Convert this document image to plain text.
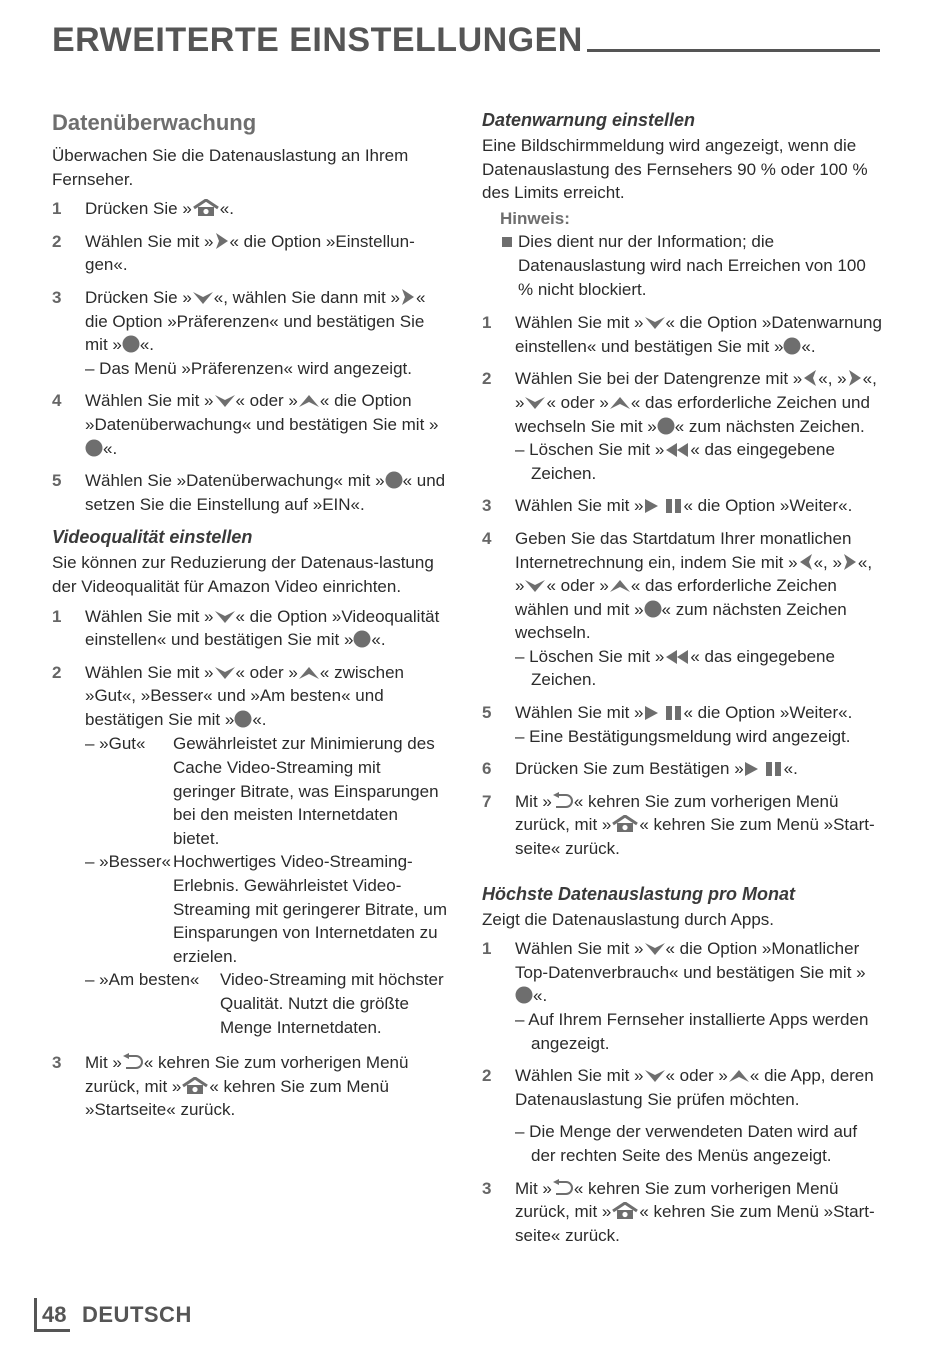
ERWEITERTE EINSTELLUNGEN
Datenüberwachung

Überwachen Sie die Datenauslastung an Ihrem Fernseher.

1 Drücken Sie » «.
2 Wählen Sie mit » « die Option »Einstellun-gen«.
3 Drücken Sie » «, wählen Sie dann mit » « die Option »Präferenzen« und bestätigen Sie mit » «.
– Das Menü »Präferenzen« wird angezeigt.
4 Wählen Sie mit » « oder » « die Option »Datenüberwachung« und bestätigen Sie mit »
«.
5 Wählen Sie »Datenüberwachung« mit » « und setzen Sie die Einstellung auf »EIN«.
Videoqualität einstellen

Sie können zur Reduzierung der Datenaus-lastung der Videoqualität für Amazon Video einrichten.

1 Wählen Sie mit » « die Option »Videoqualität einstellen« und bestätigen Sie mit » «.
2 Wählen Sie mit » « oder » « zwischen »Gut«, »Besser« und »Am besten« und bestätigen Sie mit » «.
– »Gut«	Gewährleistet zur Minimierung des Cache Video-Streaming mit geringer Bitrate, was Einsparungen bei den meisten Internetdaten bietet.
– »Besser« Hochwertiges Video-Streaming-Erlebnis. Gewährleistet Video-Streaming mit geringerer Bitrate, um Einsparungen von Internetdaten zu erzielen.
– »Am besten«	Video-Streaming mit höchster Qualität. Nutzt die größte Menge Internetdaten.
3 Mit » « kehren Sie zum vorherigen Menü zurück, mit » « kehren Sie zum Menü »Startseite« zurück.
Datenwarnung einstellen

Eine Bildschirmmeldung wird angezeigt, wenn die Datenauslastung des Fernsehers 90 % oder 100 % des Limits erreicht.

Hinweis:
Dies dient nur der Information; die Datenauslastung wird nach Erreichen von 100 % nicht blockiert.
1 Wählen Sie mit » « die Option »Datenwarnung einstellen« und bestätigen Sie mit » «.
2 Wählen Sie bei der Datengrenze mit » «, » «, » « oder » « das erforderliche Zeichen und wechseln Sie mit » « zum nächsten Zeichen.
– Löschen Sie mit » « das eingegebene Zeichen.
3 Wählen Sie mit » « die Option »Weiter«.
4 Geben Sie das Startdatum Ihrer monatlichen Internetrechnung ein, indem Sie mit » «, » «, » « oder » « das erforderliche Zeichen wählen und mit » « zum nächsten Zeichen wechseln.
– Löschen Sie mit » « das eingegebene Zeichen.
5 Wählen Sie mit » « die Option »Weiter«.
– Eine Bestätigungsmeldung wird angezeigt.
6 Drücken Sie zum Bestätigen » «.
7 Mit » « kehren Sie zum vorherigen Menü zurück, mit » « kehren Sie zum Menü »Start-seite« zurück.
Höchste Datenauslastung pro Monat

Zeigt die Datenauslastung durch Apps.

1 Wählen Sie mit » « die Option »Monatlicher Top-Datenverbrauch« und bestätigen Sie mit »
«.
– Auf Ihrem Fernseher installierte Apps werden angezeigt.
2 Wählen Sie mit » « oder » « die App, deren Datenauslastung Sie prüfen möchten.
– Die Menge der verwendeten Daten wird auf der rechten Seite des Menüs angezeigt.
3 Mit » « kehren Sie zum vorherigen Menü zurück, mit » « kehren Sie zum Menü »Start-seite« zurück.
48 DEUTSCH
